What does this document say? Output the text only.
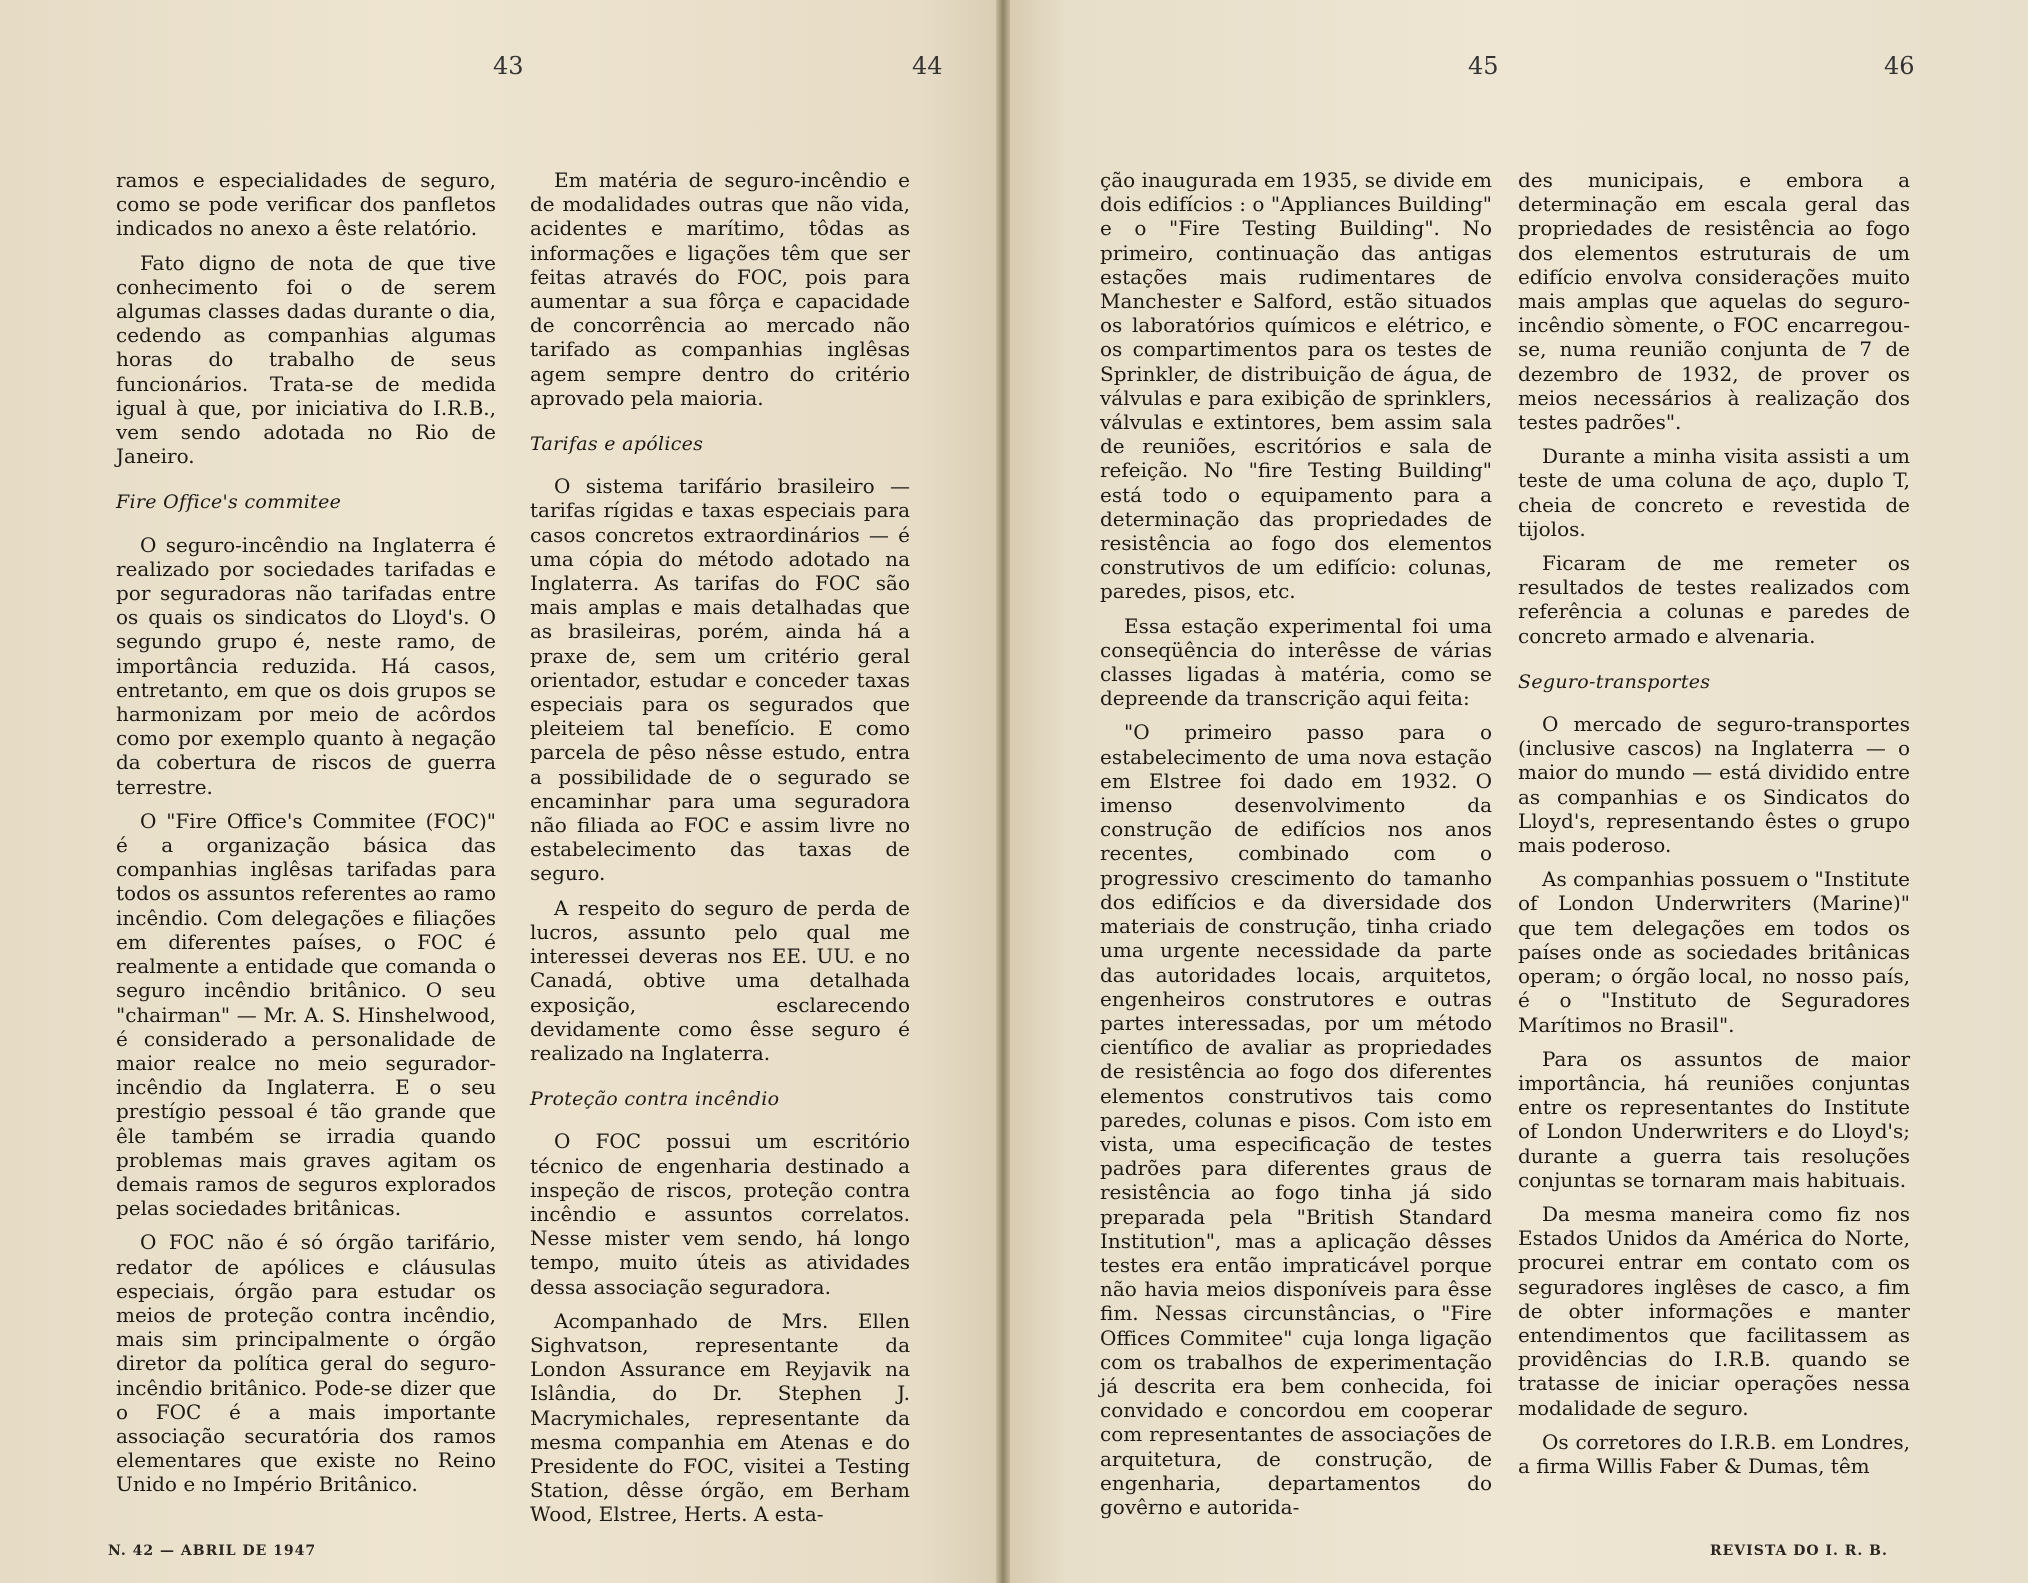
43	44	45	46

ramos e especialidades de seguro, como se pode verificar dos panfletos indicados no anexo a êste relatório.

Fato digno de nota de que tive conhecimento foi o de serem algumas classes dadas durante o dia, cedendo as companhias algumas horas do trabalho de seus funcionários. Trata-se de medida igual à que, por iniciativa do I.R.B., vem sendo adotada no Rio de Janeiro.

Fire Office's commitee

O seguro-incêndio na Inglaterra é realizado por sociedades tarifadas e por seguradoras não tarifadas entre os quais os sindicatos do Lloyd's. O segundo grupo é, neste ramo, de importância reduzida. Há casos, entretanto, em que os dois grupos se harmonizam por meio de acôrdos como por exemplo quanto à negação da cobertura de riscos de guerra terrestre.

O "Fire Office's Commitee (FOC)" é a organização básica das companhias inglêsas tarifadas para todos os assuntos referentes ao ramo incêndio. Com delegações e filiações em diferentes países, o FOC é realmente a entidade que comanda o seguro incêndio britânico. O seu "chairman" — Mr. A. S. Hinshelwood, é considerado a personalidade de maior realce no meio segurador-incêndio da Inglaterra. E o seu prestígio pessoal é tão grande que êle também se irradia quando problemas mais graves agitam os demais ramos de seguros explorados pelas sociedades britânicas.

O FOC não é só órgão tarifário, redator de apólices e cláusulas especiais, órgão para estudar os meios de proteção contra incêndio, mais sim principalmente o órgão diretor da política geral do seguro-incêndio britânico. Pode-se dizer que o FOC é a mais importante associação securatória dos ramos elementares que existe no Reino Unido e no Império Britânico.

Em matéria de seguro-incêndio e de modalidades outras que não vida, acidentes e marítimo, tôdas as informações e ligações têm que ser feitas através do FOC, pois para aumentar a sua fôrça e capacidade de concorrência ao mercado não tarifado as companhias inglêsas agem sempre dentro do critério aprovado pela maioria.

Tarifas e apólices

O sistema tarifário brasileiro — tarifas rígidas e taxas especiais para casos concretos extraordinários — é uma cópia do método adotado na Inglaterra. As tarifas do FOC são mais amplas e mais detalhadas que as brasileiras, porém, ainda há a praxe de, sem um critério geral orientador, estudar e conceder taxas especiais para os segurados que pleiteiem tal benefício. E como parcela de pêso nêsse estudo, entra a possibilidade de o segurado se encaminhar para uma seguradora não filiada ao FOC e assim livre no estabelecimento das taxas de seguro.

A respeito do seguro de perda de lucros, assunto pelo qual me interessei deveras nos EE. UU. e no Canadá, obtive uma detalhada exposição, esclarecendo devidamente como êsse seguro é realizado na Inglaterra.

Proteção contra incêndio

O FOC possui um escritório técnico de engenharia destinado a inspeção de riscos, proteção contra incêndio e assuntos correlatos. Nesse mister vem sendo, há longo tempo, muito úteis as atividades dessa associação seguradora.

Acompanhado de Mrs. Ellen Sighvatson, representante da London Assurance em Reyjavik na Islândia, do Dr. Stephen J. Macrymichales, representante da mesma companhia em Atenas e do Presidente do FOC, visitei a Testing Station, dêsse órgão, em Berham Wood, Elstree, Herts. A esta-

ção inaugurada em 1935, se divide em dois edifícios : o "Appliances Building" e o "Fire Testing Building". No primeiro, continuação das antigas estações mais rudimentares de Manchester e Salford, estão situados os laboratórios químicos e elétrico, e os compartimentos para os testes de Sprinkler, de distribuição de água, de válvulas e para exibição de sprinklers, válvulas e extintores, bem assim sala de reuniões, escritórios e sala de refeição. No "fire Testing Building" está todo o equipamento para a determinação das propriedades de resistência ao fogo dos elementos construtivos de um edifício: colunas, paredes, pisos, etc.

Essa estação experimental foi uma conseqüência do interêsse de várias classes ligadas à matéria, como se depreende da transcrição aqui feita:

"O primeiro passo para o estabelecimento de uma nova estação em Elstree foi dado em 1932. O imenso desenvolvimento da construção de edifícios nos anos recentes, combinado com o progressivo crescimento do tamanho dos edifícios e da diversidade dos materiais de construção, tinha criado uma urgente necessidade da parte das autoridades locais, arquitetos, engenheiros construtores e outras partes interessadas, por um método científico de avaliar as propriedades de resistência ao fogo dos diferentes elementos construtivos tais como paredes, colunas e pisos. Com isto em vista, uma especificação de testes padrões para diferentes graus de resistência ao fogo tinha já sido preparada pela "British Standard Institution", mas a aplicação dêsses testes era então impraticável porque não havia meios disponíveis para êsse fim. Nessas circunstâncias, o "Fire Offices Commitee" cuja longa ligação com os trabalhos de experimentação já descrita era bem conhecida, foi convidado e concordou em cooperar com representantes de associações de arquitetura, de construção, de engenharia, departamentos do govêrno e autorida-

des municipais, e embora a determinação em escala geral das propriedades de resistência ao fogo dos elementos estruturais de um edifício envolva considerações muito mais amplas que aquelas do seguro-incêndio sòmente, o FOC encarregou-se, numa reunião conjunta de 7 de dezembro de 1932, de prover os meios necessários à realização dos testes padrões".

Durante a minha visita assisti a um teste de uma coluna de aço, duplo T, cheia de concreto e revestida de tijolos.

Ficaram de me remeter os resultados de testes realizados com referência a colunas e paredes de concreto armado e alvenaria.

Seguro-transportes

O mercado de seguro-transportes (inclusive cascos) na Inglaterra — o maior do mundo — está dividido entre as companhias e os Sindicatos do Lloyd's, representando êstes o grupo mais poderoso.

As companhias possuem o "Institute of London Underwriters (Marine)" que tem delegações em todos os países onde as sociedades britânicas operam; o órgão local, no nosso país, é o "Instituto de Seguradores Marítimos no Brasil".

Para os assuntos de maior importância, há reuniões conjuntas entre os representantes do Institute of London Underwriters e do Lloyd's; durante a guerra tais resoluções conjuntas se tornaram mais habituais.

Da mesma maneira como fiz nos Estados Unidos da América do Norte, procurei entrar em contato com os seguradores inglêses de casco, a fim de obter informações e manter entendimentos que facilitassem as providências do I.R.B. quando se tratasse de iniciar operações nessa modalidade de seguro.

Os corretores do I.R.B. em Londres, a firma Willis Faber & Dumas, têm

N. 42 — ABRIL DE 1947	REVISTA DO I. R. B.
